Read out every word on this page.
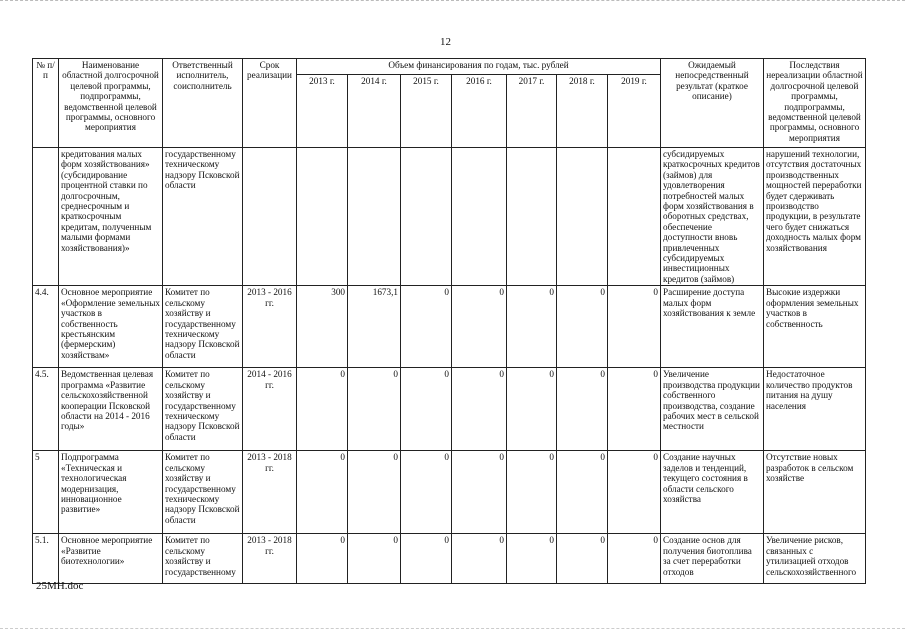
12
№ п/п	Наименование областной долгосрочной целевой программы, подпрограммы, ведомственной целевой программы, основного мероприятия	Ответственный исполнитель, соисполнитель	Срок реализации	Объем финансирования по годам, тыс. рублей							Ожидаемый непосредственный результат (краткое описание)	Последствия нереализации областной долгосрочной целевой программы, подпрограммы, ведомственной целевой программы, основного мероприятия
				2013 г.	2014 г.	2015 г.	2016 г.	2017 г.	2018 г.	2019 г.		
	кредитования малых форм хозяйствования» (субсидирование процентной ставки по долгосрочным, среднесрочным и краткосрочным кредитам, полученным малыми формами хозяйствования)»	государственному техническому надзору Псковской области									субсидируемых краткосрочных кредитов (займов) для удовлетворения потребностей малых форм хозяйствования в оборотных средствах, обеспечение доступности вновь привлеченных субсидируемых инвестиционных кредитов (займов)	нарушений технологии, отсутствия достаточных производственных мощностей переработки будет сдерживать производство продукции, в результате чего будет снижаться доходность малых форм хозяйствования
4.4.	Основное мероприятие «Оформление земельных участков в собственность крестьянским (фермерским) хозяйствам»	Комитет по сельскому хозяйству и государственному техническому надзору Псковской области	2013 - 2016 гг.	300	1673,1	0	0	0	0	0	Расширение доступа малых форм хозяйствования к земле	Высокие издержки оформления земельных участков в собственность
4.5.	Ведомственная целевая программа «Развитие сельскохозяйственной кооперации Псковской области на 2014 - 2016 годы»	Комитет по сельскому хозяйству и государственному техническому надзору Псковской области	2014 - 2016 гг.	0	0	0	0	0	0	0	Увеличение производства продукции собственного производства, создание рабочих мест в сельской местности	Недостаточное количество продуктов питания на душу населения
5	Подпрограмма «Техническая и технологическая модернизация, инновационное развитие»	Комитет по сельскому хозяйству и государственному техническому надзору Псковской области	2013 - 2018 гг.	0	0	0	0	0	0	0	Создание научных заделов и тенденций, текущего состояния в области сельского хозяйства	Отсутствие новых разработок в сельском хозяйстве
5.1.	Основное мероприятие «Развитие биотехнологии»	Комитет по сельскому хозяйству и государственному	2013 - 2018 гг.	0	0	0	0	0	0	0	Создание основ для получения биотоплива за счет переработки отходов	Увеличение рисков, связанных с утилизацией отходов сельскохозяйственного
25MH.doc
